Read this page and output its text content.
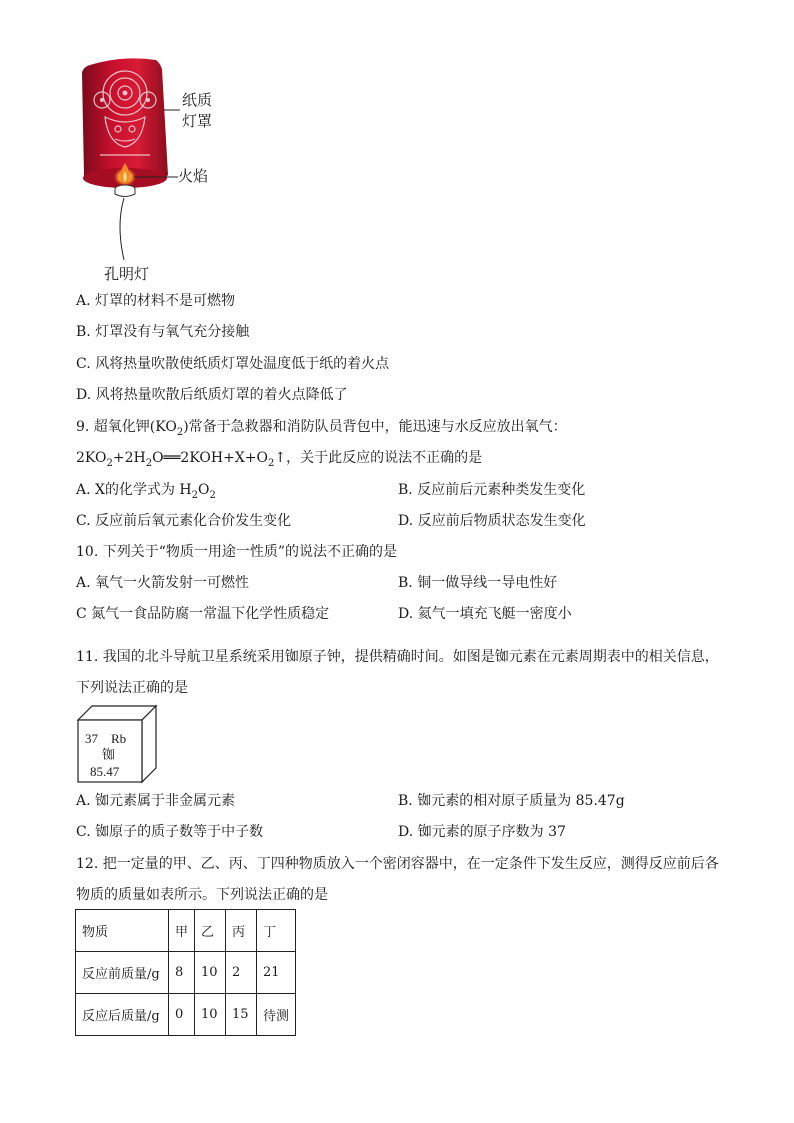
纸质
灯罩
火焰
孔明灯
A. 灯罩的材料不是可燃物
B. 灯罩没有与氧气充分接触
C. 风将热量吹散使纸质灯罩处温度低于纸的着火点
D. 风将热量吹散后纸质灯罩的着火点降低了
9. 超氧化钾$(KO_2)$常备于急救器和消防队员背包中，能迅速与水反应放出氧气：
$2KO_2+2H_2O══2KOH+X+O_2↑$，关于此反应的说法不正确的是
A. X的化学式为 $H_2O_2$	B. 反应前后元素种类发生变化
C. 反应前后氧元素化合价发生变化	D. 反应前后物质状态发生变化
10. 下列关于“物质一用途一性质”的说法不正确的是
A. 氧气一火箭发射一可燃性	B. 铜一做导线一导电性好
C 氮气一食品防腐一常温下化学性质稳定	D. 氦气一填充飞艇一密度小
11. 我国的北斗导航卫星系统采用铷原子钟，提供精确时间。如图是铷元素在元素周期表中的相关信息，
下列说法正确的是
37 Rb
铷
85.47
A. 铷元素属于非金属元素	B. 铷元素的相对原子质量为 85.47g
C. 铷原子的质子数等于中子数	D. 铷元素的原子序数为 37
12. 把一定量的甲、乙、丙、丁四种物质放入一个密闭容器中，在一定条件下发生反应，测得反应前后各
物质的质量如表所示。下列说法正确的是
物质	甲	乙	丙	丁
反应前质量/g	8	10	2	21
反应后质量/g	0	10	15	待测
